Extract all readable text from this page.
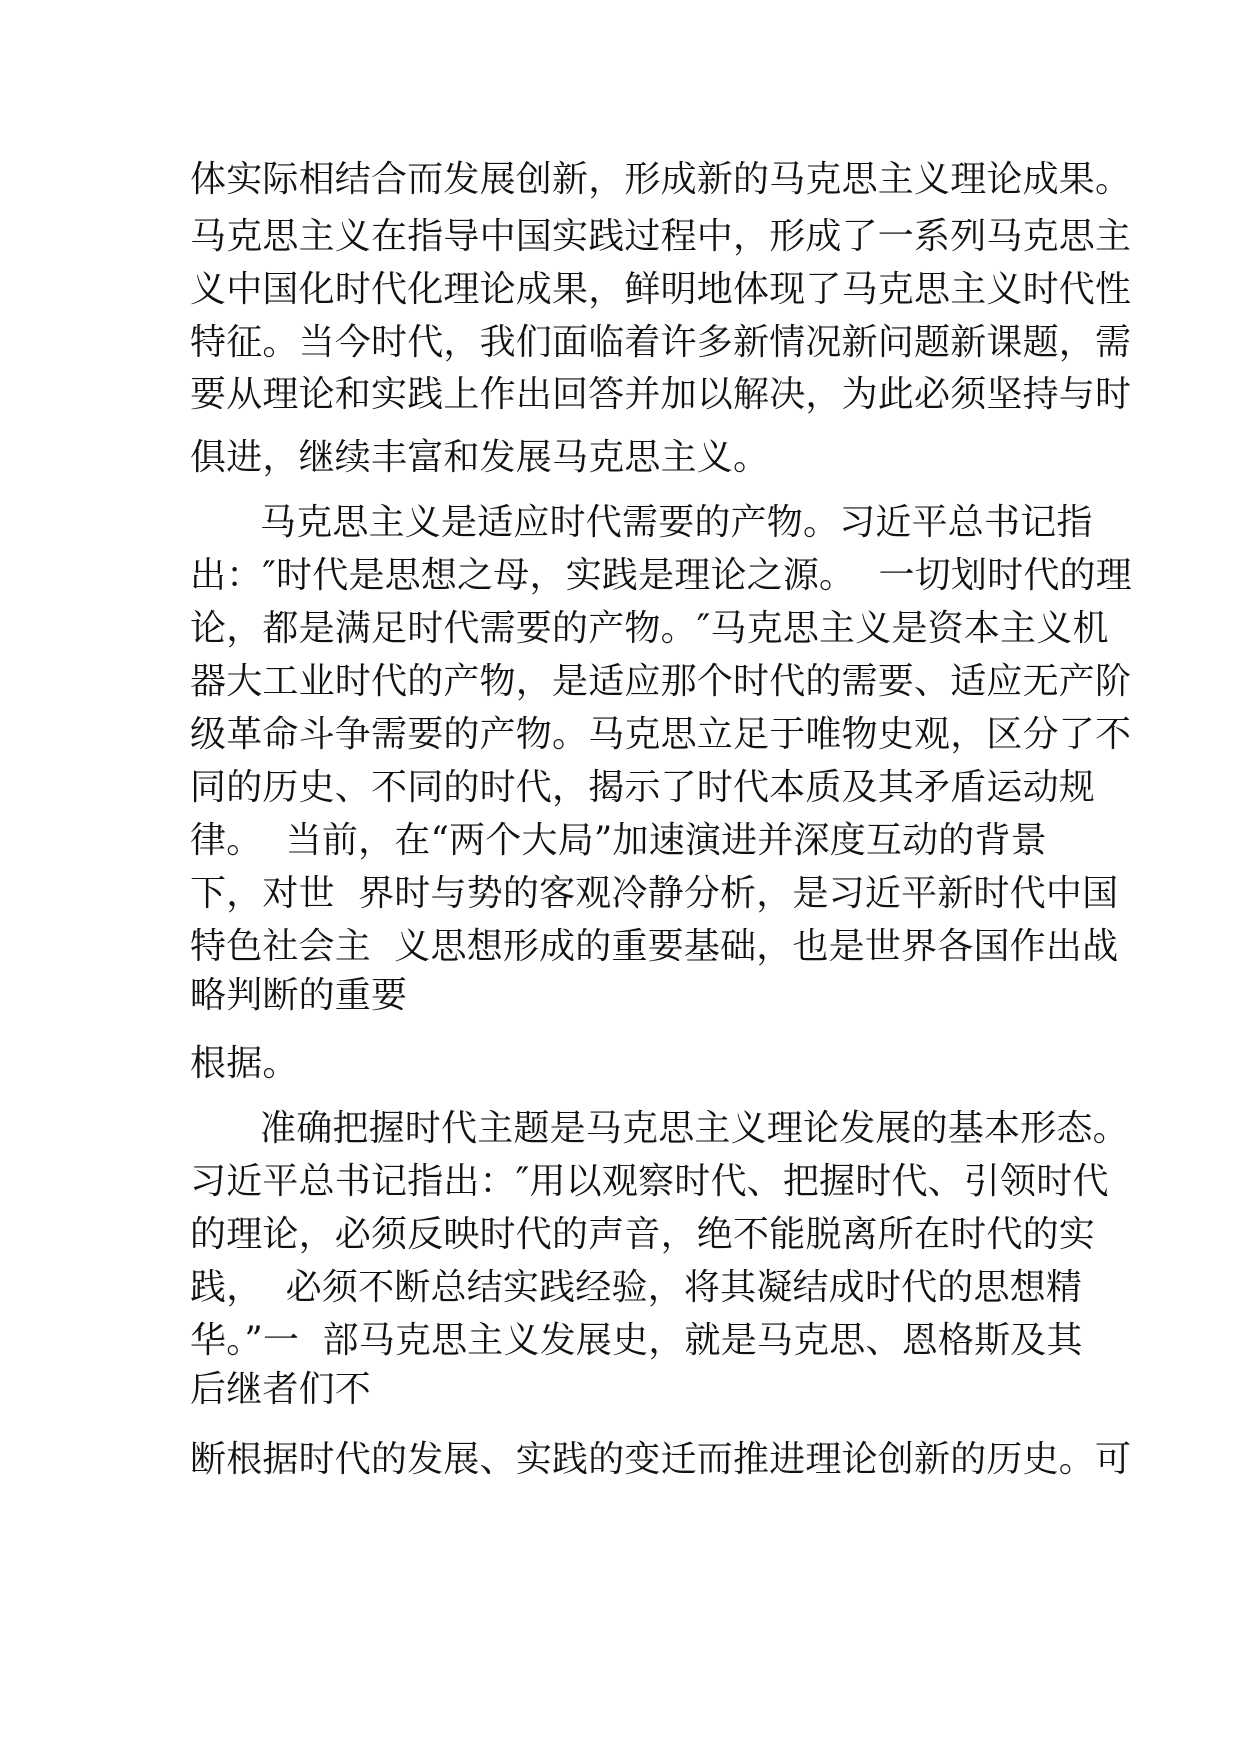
体实际相结合而发展创新，形成新的马克思主义理论成果。
马克思主义在指导中国实践过程中，形成了一系列马克思主
义中国化时代化理论成果，鲜明地体现了马克思主义时代性
特征。当今时代，我们面临着许多新情况新问题新课题，需
要从理论和实践上作出回答并加以解决，为此必须坚持与时
俱进，继续丰富和发展马克思主义。
马克思主义是适应时代需要的产物。习近平总书记指
出：″时代是思想之母，实践是理论之源。  一切划时代的理
论，都是满足时代需要的产物。″马克思主义是资本主义机
器大工业时代的产物，是适应那个时代的需要、适应无产阶
级革命斗争需要的产物。马克思立足于唯物史观，区分了不
同的历史、不同的时代，揭示了时代本质及其矛盾运动规
律。  当前，在“两个大局”加速演进并深度互动的背景
下，对世  界时与势的客观冷静分析，是习近平新时代中国
特色社会主  义思想形成的重要基础，也是世界各国作出战
略判断的重要
根据。
准确把握时代主题是马克思主义理论发展的基本形态。
习近平总书记指出：″用以观察时代、把握时代、引领时代
的理论，必须反映时代的声音，绝不能脱离所在时代的实
践，  必须不断总结实践经验，将其凝结成时代的思想精
华。”一  部马克思主义发展史，就是马克思、恩格斯及其
后继者们不
断根据时代的发展、实践的变迁而推进理论创新的历史。可
